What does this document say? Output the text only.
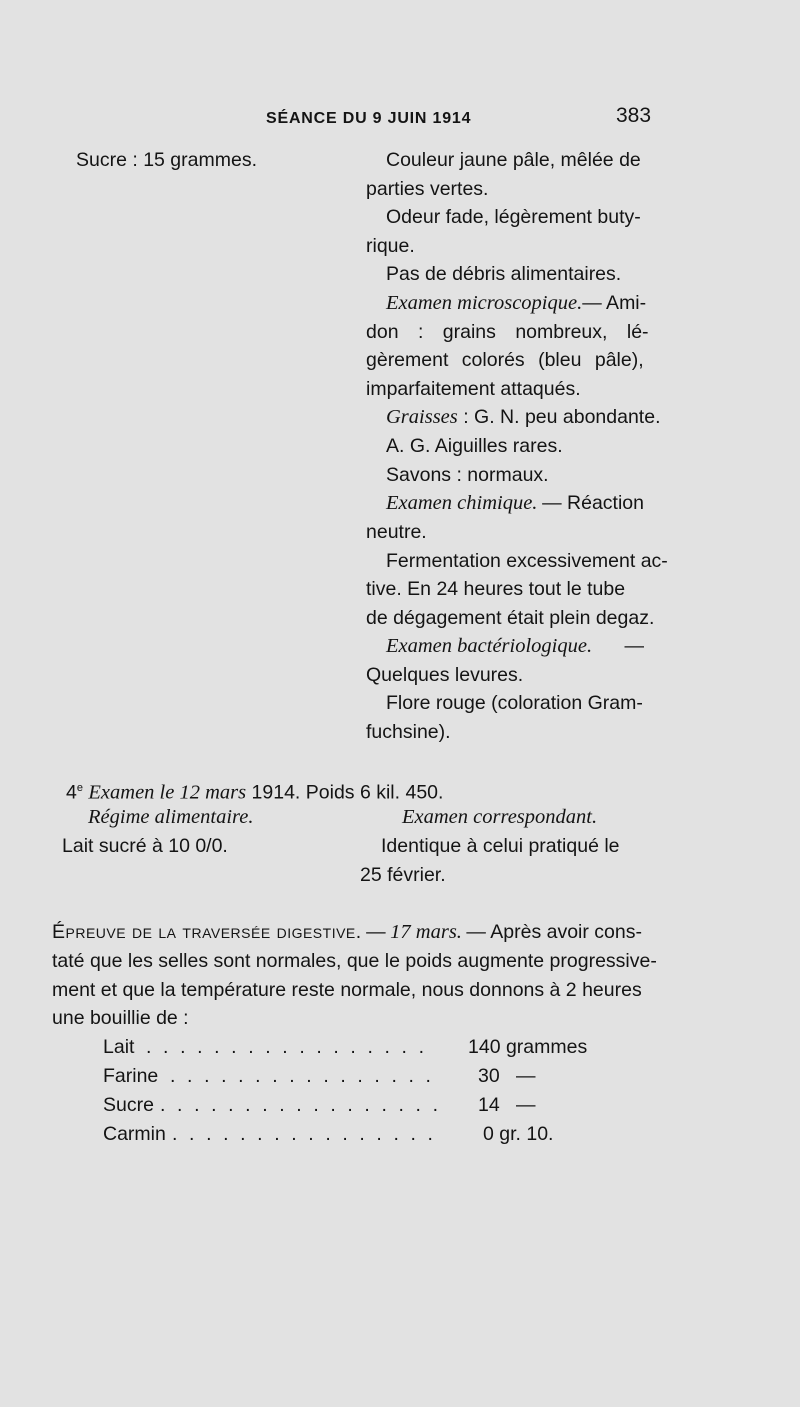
SÉANCE DU 9 JUIN 1914	383
Sucre : 15 grammes.	Couleur jaune pâle, mêlée de
parties vertes.
Odeur fade, légèrement buty-
rique.
Pas de débris alimentaires.
Examen microscopique. — Ami-
don : grains nombreux, lé-
gèrement colorés (bleu pâle),
imparfaitement attaqués.
Graisses : G. N. peu abondante.
A. G. Aiguilles rares.
Savons : normaux.
Examen chimique. — Réaction
neutre.
Fermentation excessivement ac-
tive. En 24 heures tout le tube
de dégagement était plein degaz.
Examen bactériologique. —
Quelques levures.
Flore rouge (coloration Gram-
fuchsine).
4e Examen le 12 mars 1914. Poids 6 kil. 450.
Régime alimentaire.	Examen correspondant.
Lait sucré à 10 0/0.	Identique à celui pratiqué le
25 février.
Épreuve de la traversée digestive. — 17 mars. — Après avoir cons-
taté que les selles sont normales, que le poids augmente progressive-
ment et que la température reste normale, nous donnons à 2 heures
une bouillie de :
Lait . . . . . . . . . . . . . . . . . 140 grammes
Farine . . . . . . . . . . . . . . . . 30   —
Sucre . . . . . . . . . . . . . . . . . 14   —
Carmin . . . . . . . . . . . . . . . . 0 gr. 10.
